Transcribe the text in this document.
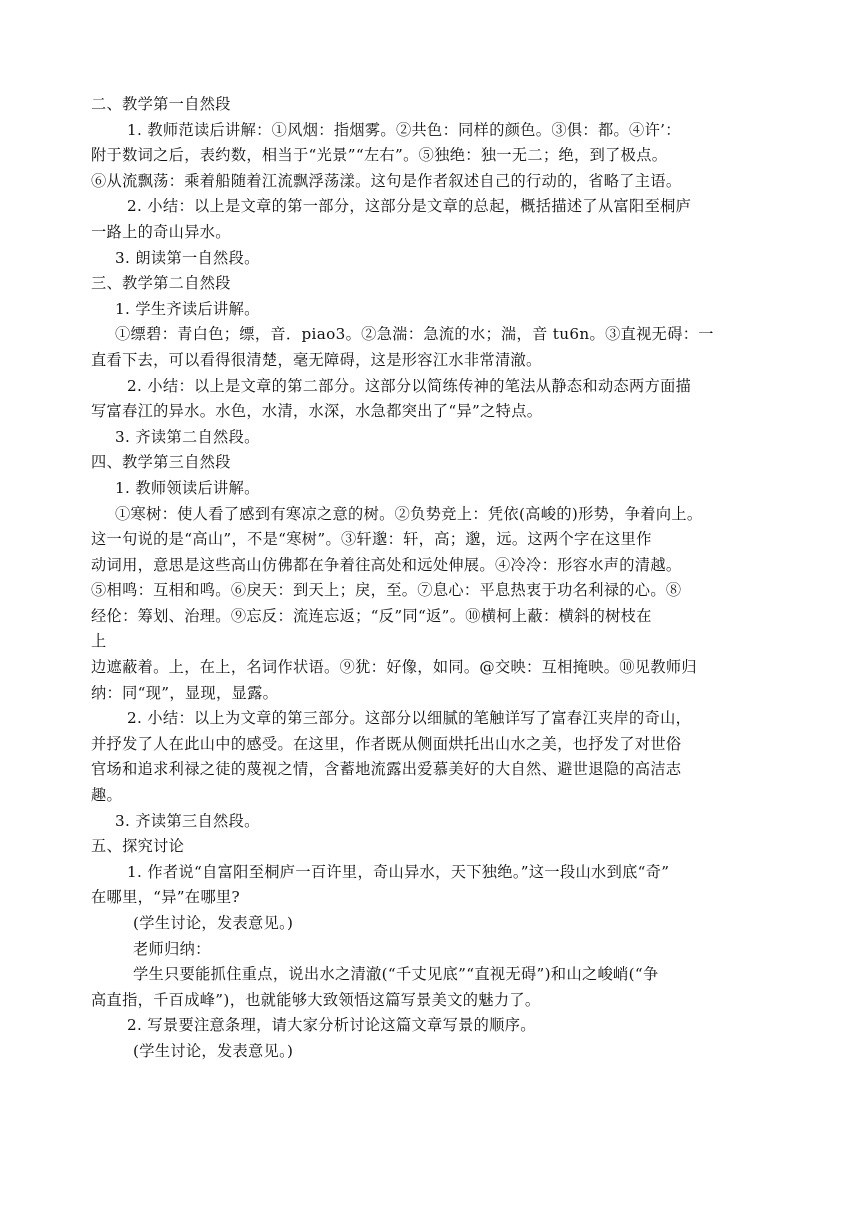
二、教学第一自然段
1. 教师范读后讲解：①风烟：指烟雾。②共色：同样的颜色。③俱：都。④许’：
附于数词之后，表约数，相当于“光景”“左右”。⑤独绝：独一无二；绝，到了极点。
⑥从流飘荡：乘着船随着江流飘浮荡漾。这句是作者叙述自己的行动的，省略了主语。
2. 小结：以上是文章的第一部分，这部分是文章的总起，概括描述了从富阳至桐庐
一路上的奇山异水。
3. 朗读第一自然段。
三、教学第二自然段
1. 学生齐读后讲解。
①缥碧：青白色；缥，音．piao3。②急湍：急流的水；湍，音 tu6n。③直视无碍：一
直看下去，可以看得很清楚，毫无障碍，这是形容江水非常清澈。
2. 小结：以上是文章的第二部分。这部分以简练传神的笔法从静态和动态两方面描
写富春江的异水。水色，水清，水深，水急都突出了“异”之特点。
3. 齐读第二自然段。
四、教学第三自然段
1. 教师领读后讲解。
①寒树：使人看了感到有寒凉之意的树。②负势竞上：凭依(高峻的)形势，争着向上。
这一句说的是“高山”，不是“寒树”。③轩邈：轩，高；邈，远。这两个字在这里作
动词用，意思是这些高山仿佛都在争着往高处和远处伸展。④冷冷：形容水声的清越。
⑤相鸣：互相和鸣。⑥戾天：到天上；戾，至。⑦息心：平息热衷于功名利禄的心。⑧
经伦：筹划、治理。⑨忘反：流连忘返；“反”同“返”。⑩横柯上蔽：横斜的树枝在
上
边遮蔽着。上，在上，名词作状语。⑨犹：好像，如同。@交映：互相掩映。⑩见教师归
纳：同“现”，显现，显露。
2. 小结：以上为文章的第三部分。这部分以细腻的笔触详写了富春江夹岸的奇山，
并抒发了人在此山中的感受。在这里，作者既从侧面烘托出山水之美，也抒发了对世俗
官场和追求利禄之徒的蔑视之情，含蓄地流露出爱慕美好的大自然、避世退隐的高洁志
趣。
3. 齐读第三自然段。
五、探究讨论
1. 作者说“自富阳至桐庐一百许里，奇山异水，天下独绝。”这一段山水到底“奇”
在哪里，“异”在哪里?
(学生讨论，发表意见。)
老师归纳：
学生只要能抓住重点，说出水之清澈(“千丈见底”“直视无碍”)和山之峻峭(“争
高直指，千百成峰”)，也就能够大致领悟这篇写景美文的魅力了。
2. 写景要注意条理，请大家分析讨论这篇文章写景的顺序。
(学生讨论，发表意见。)
